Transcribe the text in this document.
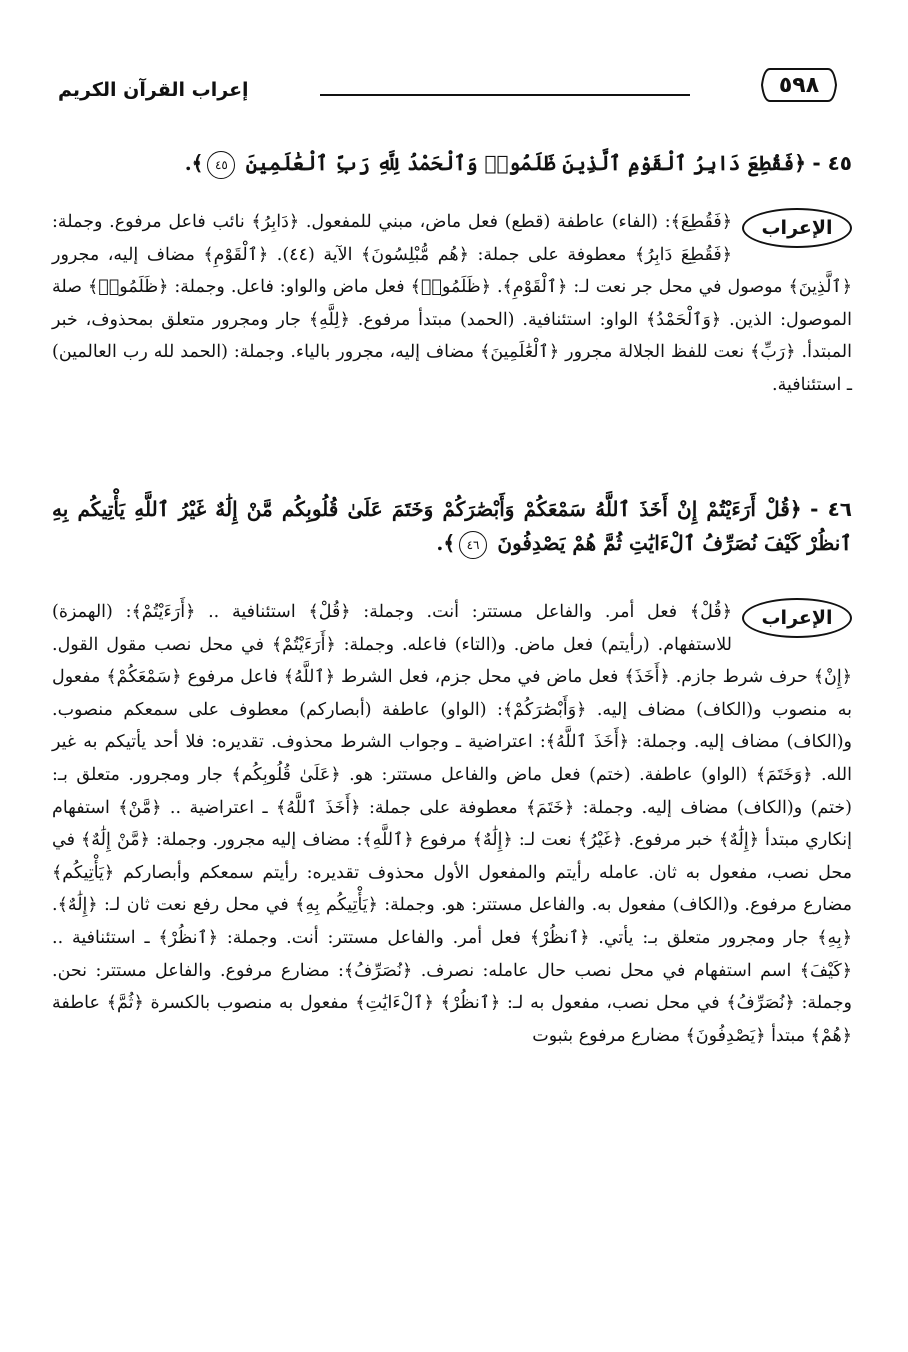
٥٩٨
إعراب القرآن الكريم
٤٥ - ﴿فَقُطِعَ دَابِرُ ٱلْقَوْمِ ٱلَّذِينَ ظَلَمُوا۟ وَٱلْحَمْدُ لِلَّهِ رَبِّ ٱلْعَٰلَمِينَ ٤٥﴾.
الإعراب
﴿فَقُطِعَ﴾: (الفاء) عاطفة (قطع) فعل ماض، مبني للمفعول. ﴿دَابِرُ﴾ نائب فاعل مرفوع. وجملة: ﴿فَقُطِعَ دَابِرُ﴾ معطوفة على جملة: ﴿هُم مُّبْلِسُونَ﴾ الآية (٤٤). ﴿ٱلْقَوْمِ﴾ مضاف إليه، مجرور ﴿ٱلَّذِينَ﴾ موصول في محل جر نعت لـ: ﴿ٱلْقَوْمِ﴾. ﴿ظَلَمُوا۟﴾ فعل ماض والواو: فاعل. وجملة: ﴿ظَلَمُوا۟﴾ صلة الموصول: الذين. ﴿وَٱلْحَمْدُ﴾ الواو: استئنافية. (الحمد) مبتدأ مرفوع. ﴿لِلَّهِ﴾ جار ومجرور متعلق بمحذوف، خبر المبتدأ. ﴿رَبِّ﴾ نعت للفظ الجلالة مجرور ﴿ٱلْعَٰلَمِينَ﴾ مضاف إليه، مجرور بالياء. وجملة: (الحمد لله رب العالمين) ـ استئنافية.
٤٦ - ﴿قُلْ أَرَءَيْتُمْ إِنْ أَخَذَ ٱللَّهُ سَمْعَكُمْ وَأَبْصَٰرَكُمْ وَخَتَمَ عَلَىٰ قُلُوبِكُم مَّنْ إِلَٰهٌ غَيْرُ ٱللَّهِ يَأْتِيكُم بِهِ ٱنظُرْ كَيْفَ نُصَرِّفُ ٱلْءَايَٰتِ ثُمَّ هُمْ يَصْدِفُونَ ٤٦﴾.
الإعراب
﴿قُلْ﴾ فعل أمر. والفاعل مستتر: أنت. وجملة: ﴿قُلْ﴾ استئنافية .. ﴿أَرَءَيْتُمْ﴾: (الهمزة) للاستفهام. (رأيتم) فعل ماض. و(التاء) فاعله. وجملة: ﴿أَرَءَيْتُمْ﴾ في محل نصب مقول القول. ﴿إِنْ﴾ حرف شرط جازم. ﴿أَخَذَ﴾ فعل ماض في محل جزم، فعل الشرط ﴿ٱللَّهُ﴾ فاعل مرفوع ﴿سَمْعَكُمْ﴾ مفعول به منصوب و(الكاف) مضاف إليه. ﴿وَأَبْصَٰرَكُمْ﴾: (الواو) عاطفة (أبصاركم) معطوف على سمعكم منصوب. و(الكاف) مضاف إليه. وجملة: ﴿أَخَذَ ٱللَّهُ﴾: اعتراضية ـ وجواب الشرط محذوف. تقديره: فلا أحد يأتيكم به غير الله. ﴿وَخَتَمَ﴾ (الواو) عاطفة. (ختم) فعل ماض والفاعل مستتر: هو. ﴿عَلَىٰ قُلُوبِكُم﴾ جار ومجرور. متعلق بـ: (ختم) و(الكاف) مضاف إليه. وجملة: ﴿خَتَمَ﴾ معطوفة على جملة: ﴿أَخَذَ ٱللَّهُ﴾ ـ اعتراضية .. ﴿مَّنْ﴾ استفهام إنكاري مبتدأ ﴿إِلَٰهٌ﴾ خبر مرفوع. ﴿غَيْرُ﴾ نعت لـ: ﴿إِلَٰهٌ﴾ مرفوع ﴿ٱللَّهِ﴾: مضاف إليه مجرور. وجملة: ﴿مَّنْ إِلَٰهٌ﴾ في محل نصب، مفعول به ثان. عامله رأيتم والمفعول الأول محذوف تقديره: رأيتم سمعكم وأبصاركم ﴿يَأْتِيكُم﴾ مضارع مرفوع. و(الكاف) مفعول به. والفاعل مستتر: هو. وجملة: ﴿يَأْتِيكُم بِهِ﴾ في محل رفع نعت ثان لـ: ﴿إِلَٰهٌ﴾. ﴿بِهِ﴾ جار ومجرور متعلق بـ: يأتي. ﴿ٱنظُرْ﴾ فعل أمر. والفاعل مستتر: أنت. وجملة: ﴿ٱنظُرْ﴾ ـ استئنافية .. ﴿كَيْفَ﴾ اسم استفهام في محل نصب حال عامله: نصرف. ﴿نُصَرِّفُ﴾: مضارع مرفوع. والفاعل مستتر: نحن. وجملة: ﴿نُصَرِّفُ﴾ في محل نصب، مفعول به لـ: ﴿ٱنظُرْ﴾ ﴿ٱلْءَايَٰتِ﴾ مفعول به منصوب بالكسرة ﴿ثُمَّ﴾ عاطفة ﴿هُمْ﴾ مبتدأ ﴿يَصْدِفُونَ﴾ مضارع مرفوع بثبوت
